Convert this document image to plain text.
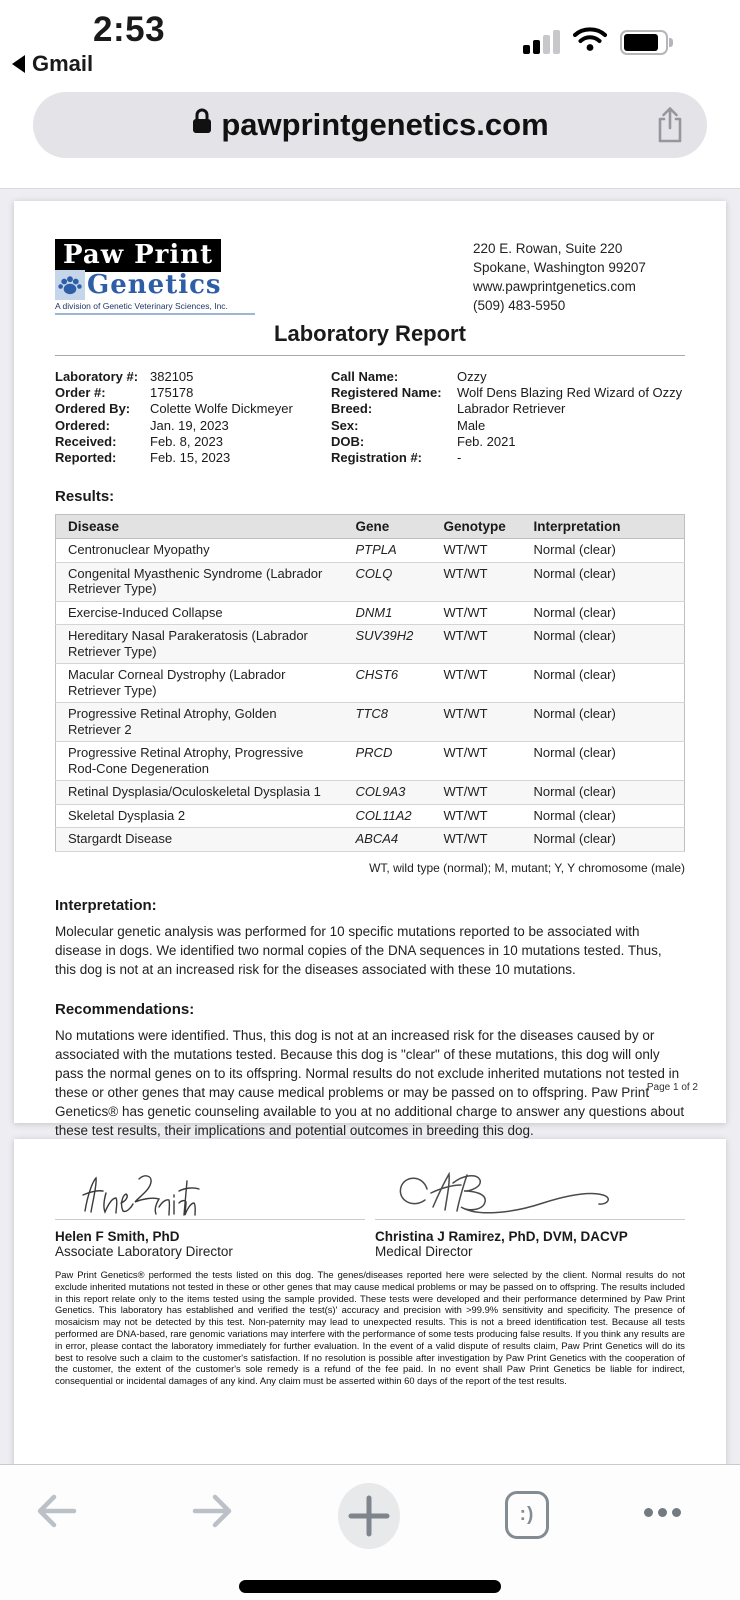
2:53
Gmail
pawprintgenetics.com
Paw Print
Genetics
A division of Genetic Veterinary Sciences, Inc.
220 E. Rowan, Suite 220
Spokane, Washington 99207
www.pawprintgenetics.com
(509) 483-5950
Laboratory Report
Laboratory #: 382105	Call Name:	Ozzy
Order #:	175178	Registered Name:	Wolf Dens Blazing Red Wizard of Ozzy
Ordered By:	Colette Wolfe Dickmeyer	Breed:	Labrador Retriever
Ordered:	Jan. 19, 2023	Sex:	Male
Received:	Feb. 8, 2023	DOB:	Feb. 2021
Reported:	Feb. 15, 2023	Registration #:	-
Results:
Disease	Gene	Genotype	Interpretation
Centronuclear Myopathy	PTPLA	WT/WT	Normal (clear)
Congenital Myasthenic Syndrome (Labrador Retriever Type)	COLQ	WT/WT	Normal (clear)
Exercise-Induced Collapse	DNM1	WT/WT	Normal (clear)
Hereditary Nasal Parakeratosis (Labrador Retriever Type)	SUV39H2	WT/WT	Normal (clear)
Macular Corneal Dystrophy (Labrador Retriever Type)	CHST6	WT/WT	Normal (clear)
Progressive Retinal Atrophy, Golden Retriever 2	TTC8	WT/WT	Normal (clear)
Progressive Retinal Atrophy, Progressive Rod-Cone Degeneration	PRCD	WT/WT	Normal (clear)
Retinal Dysplasia/Oculoskeletal Dysplasia 1	COL9A3	WT/WT	Normal (clear)
Skeletal Dysplasia 2	COL11A2	WT/WT	Normal (clear)
Stargardt Disease	ABCA4	WT/WT	Normal (clear)
WT, wild type (normal); M, mutant; Y, Y chromosome (male)
Interpretation:
Molecular genetic analysis was performed for 10 specific mutations reported to be associated with disease in dogs. We identified two normal copies of the DNA sequences in 10 mutations tested. Thus, this dog is not at an increased risk for the diseases associated with these 10 mutations.
Recommendations:
No mutations were identified. Thus, this dog is not at an increased risk for the diseases caused by or associated with the mutations tested. Because this dog is "clear" of these mutations, this dog will only pass the normal genes on to its offspring. Normal results do not exclude inherited mutations not tested in these or other genes that may cause medical problems or may be passed on to offspring. Paw Print Genetics® has genetic counseling available to you at no additional charge to answer any questions about these test results, their implications and potential outcomes in breeding this dog.
Page 1 of 2
Helen F Smith, PhD
Associate Laboratory Director
Christina J Ramirez, PhD, DVM, DACVP
Medical Director
Paw Print Genetics® performed the tests listed on this dog. The genes/diseases reported here were selected by the client. Normal results do not exclude inherited mutations not tested in these or other genes that may cause medical problems or may be passed on to offspring. The results included in this report relate only to the items tested using the sample provided. These tests were developed and their performance determined by Paw Print Genetics. This laboratory has established and verified the test(s)' accuracy and precision with >99.9% sensitivity and specificity. The presence of mosaicism may not be detected by this test. Non-paternity may lead to unexpected results. This is not a breed identification test. Because all tests performed are DNA-based, rare genomic variations may interfere with the performance of some tests producing false results. If you think any results are in error, please contact the laboratory immediately for further evaluation. In the event of a valid dispute of results claim, Paw Print Genetics will do its best to resolve such a claim to the customer's satisfaction. If no resolution is possible after investigation by Paw Print Genetics with the cooperation of the customer, the extent of the customer's sole remedy is a refund of the fee paid. In no event shall Paw Print Genetics be liable for indirect, consequential or incidental damages of any kind. Any claim must be asserted within 60 days of the report of the test results.
:)
